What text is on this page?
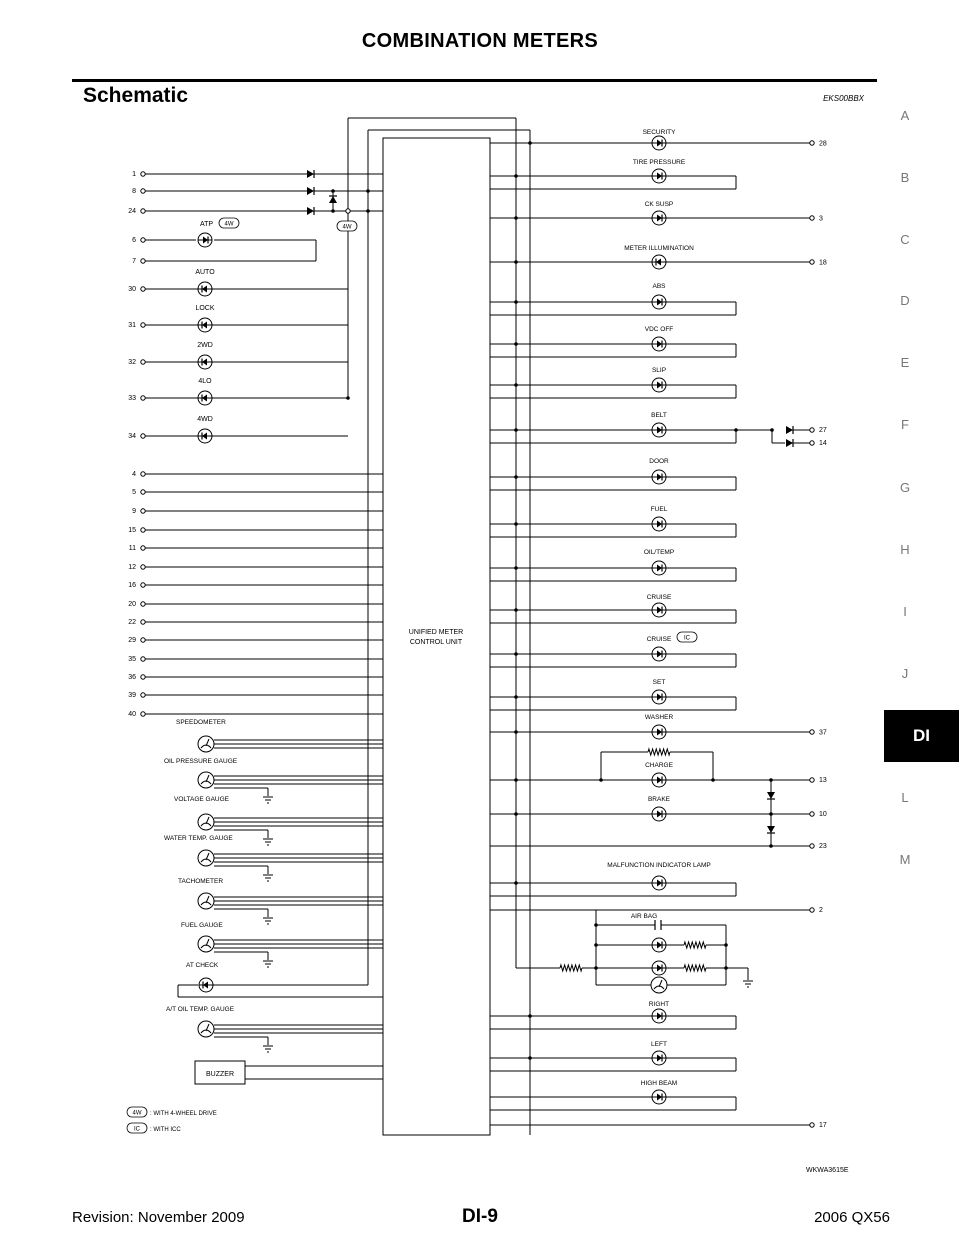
COMBINATION METERS
Schematic	EKS00BBX
A
B
C
D
E
F
G
H
I
J
L
M
DI
UNIFIED METER
CONTROL UNIT
1
8
24
6
7
30
31
32
33
34
4
5
9
15
11
12
16
20
22
29
35
36
39
40
4W
ATP 4W
AUTO
LOCK
2WD
4LO
4WD
SPEEDOMETER
OIL PRESSURE GAUGE
VOLTAGE GAUGE
WATER TEMP. GAUGE
TACHOMETER
FUEL GAUGE
AT CHECK
A/T OIL TEMP. GAUGE
BUZZER
SECURITY
28
TIRE PRESSURE
CK SUSP
3
METER ILLUMINATION
18
ABS
VDC OFF
SLIP
BELT
DOOR
FUEL
OIL/TEMP
CRUISE
CRUISE
SET
WASHER
37
CHARGE
BRAKE
MALFUNCTION INDICATOR LAMP
RIGHT
LEFT
HIGH BEAM
IC
27
14
13
10
23
2
AIR BAG
17
4W : WITH 4-WHEEL DRIVE
IC : WITH ICC
WKWA3615E
Revision: November 2009	DI-9	2006 QX56
